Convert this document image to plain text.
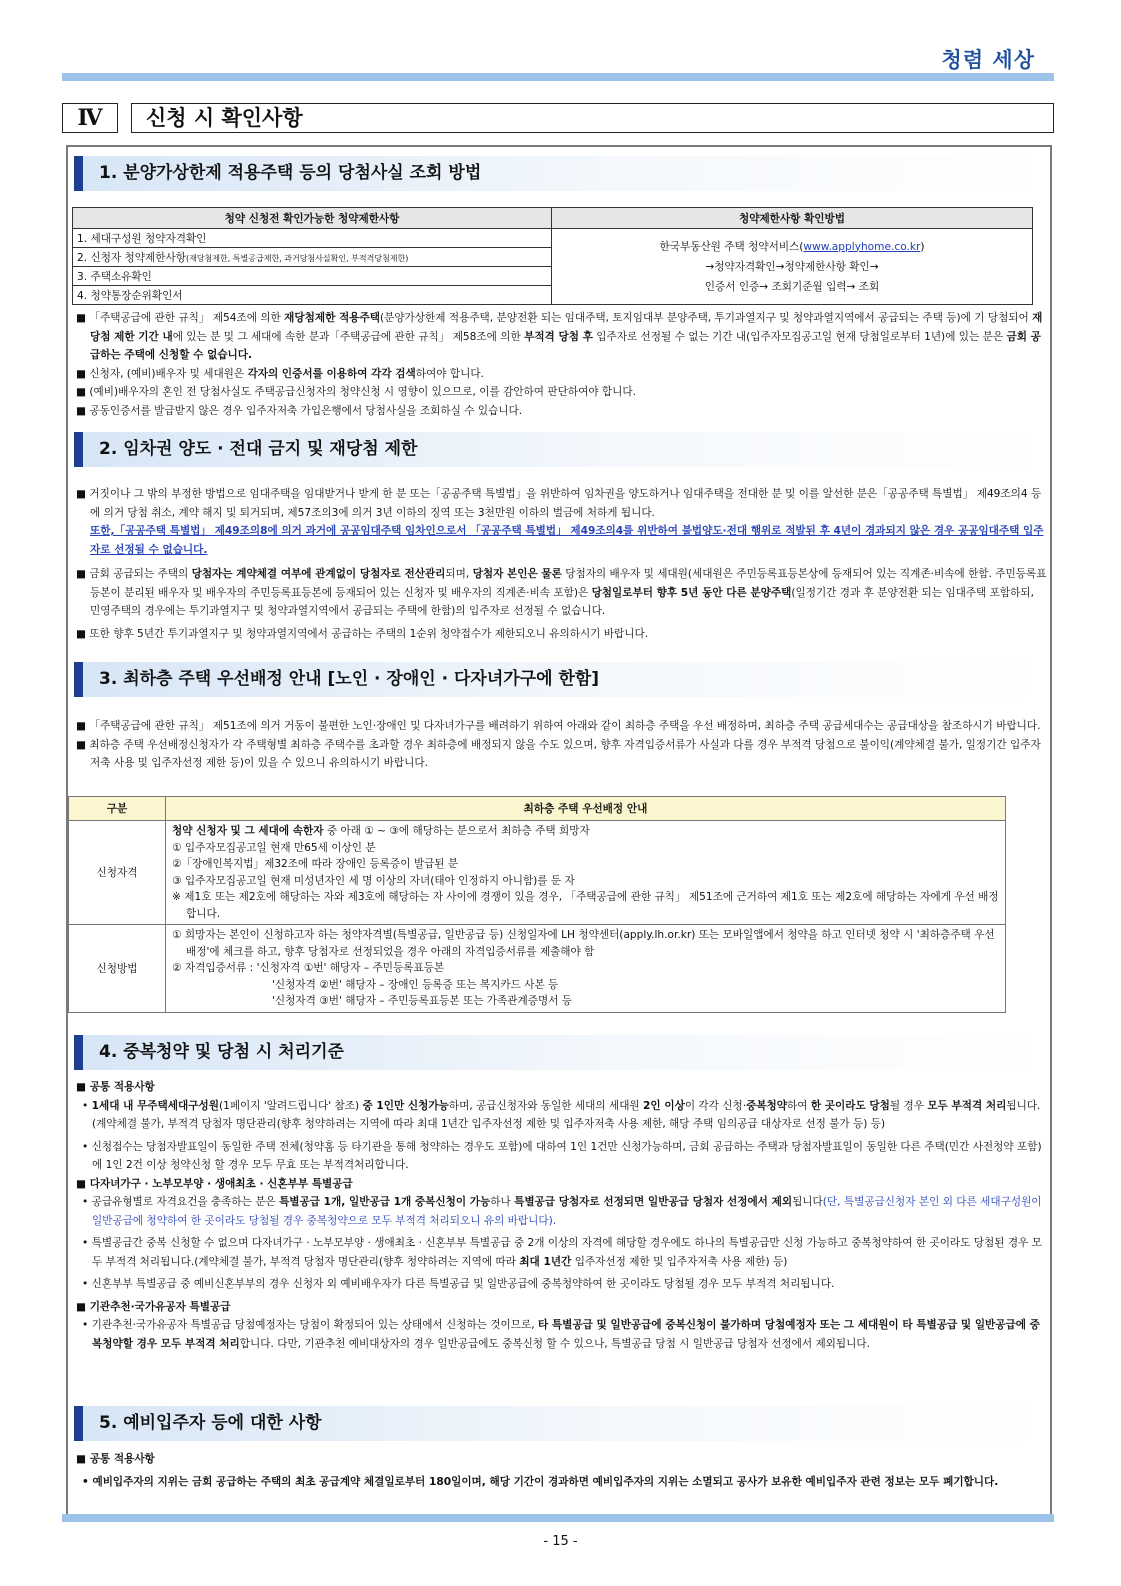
청렴 세상
Ⅳ	신청 시 확인사항
1. 분양가상한제 적용주택 등의 당첨사실 조회 방법
청약 신청전 확인가능한 청약제한사항	청약제한사항 확인방법
1. 세대구성원 청약자격확인	한국부동산원 주택 청약서비스(www.applyhome.co.kr)
→청약자격확인→청약제한사항 확인→
인증서 인증→ 조회기준월 입력→ 조회
2. 신청자 청약제한사항(재당첨제한, 특별공급제한, 과거당첨사실확인, 부적격당첨제한)	
3. 주택소유확인	
4. 청약통장순위확인서	

■ 「주택공급에 관한 규칙」 제54조에 의한 재당첨제한 적용주택(분양가상한제 적용주택, 분양전환 되는 임대주택, 토지임대부 분양주택, 투기과열지구 및 청약과열지역에서 공급되는 주택 등)에 기 당첨되어 재당첨 제한 기간 내에 있는 분 및 그 세대에 속한 분과「주택공급에 관한 규칙」 제58조에 의한 부적격 당첨 후 입주자로 선정될 수 없는 기간 내(입주자모집공고일 현재 당첨일로부터 1년)에 있는 분은 금회 공급하는 주택에 신청할 수 없습니다.

■ 신청자, (예비)배우자 및 세대원은 각자의 인증서를 이용하여 각각 검색하여야 합니다.

■ (예비)배우자의 혼인 전 당첨사실도 주택공급신청자의 청약신청 시 영향이 있으므로, 이를 감안하여 판단하여야 합니다.

■ 공동인증서를 발급받지 않은 경우 입주자저축 가입은행에서 당첨사실을 조회하실 수 있습니다.

2. 임차권 양도 · 전대 금지 및 재당첨 제한

■ 거짓이나 그 밖의 부정한 방법으로 임대주택을 임대받거나 받게 한 분 또는「공공주택 특별법」을 위반하여 임차권을 양도하거나 임대주택을 전대한 분 및 이를 알선한 분은「공공주택 특별법」 제49조의4 등에 의거 당첨 취소, 계약 해지 및 퇴거되며, 제57조의3에 의거 3년 이하의 징역 또는 3천만원 이하의 벌금에 처하게 됩니다.
또한,「공공주택 특별법」 제49조의8에 의거 과거에 공공임대주택 임차인으로서 「공공주택 특별법」 제49조의4를 위반하여 불법양도·전대 행위로 적발된 후 4년이 경과되지 않은 경우 공공임대주택 입주자로 선정될 수 없습니다.

■ 금회 공급되는 주택의 당첨자는 계약체결 여부에 관계없이 당첨자로 전산관리되며, 당첨자 본인은 물론 당첨자의 배우자 및 세대원(세대원은 주민등록표등본상에 등재되어 있는 직계존·비속에 한함. 주민등록표등본이 분리된 배우자 및 배우자의 주민등록표등본에 등재되어 있는 신청자 및 배우자의 직계존·비속 포함)은 당첨일로부터 향후 5년 동안 다른 분양주택(일정기간 경과 후 분양전환 되는 임대주택 포함하되, 민영주택의 경우에는 투기과열지구 및 청약과열지역에서 공급되는 주택에 한함)의 입주자로 선정될 수 없습니다.

■ 또한 향후 5년간 투기과열지구 및 청약과열지역에서 공급하는 주택의 1순위 청약접수가 제한되오니 유의하시기 바랍니다.

3. 최하층 주택 우선배정 안내 [노인 · 장애인 · 다자녀가구에 한함]

■ 「주택공급에 관한 규칙」 제51조에 의거 거동이 불편한 노인·장애인 및 다자녀가구를 배려하기 위하여 아래와 같이 최하층 주택을 우선 배정하며, 최하층 주택 공급세대수는 공급대상을 참조하시기 바랍니다.

■ 최하층 주택 우선배정신청자가 각 주택형별 최하층 주택수를 초과할 경우 최하층에 배정되지 않을 수도 있으며, 향후 자격입증서류가 사실과 다를 경우 부적격 당첨으로 불이익(계약체결 불가, 일정기간 입주자저축 사용 및 입주자선정 제한 등)이 있을 수 있으니 유의하시기 바랍니다.

구분	최하층 주택 우선배정 안내
신청자격	청약 신청자 및 그 세대에 속한자 중 아래 ① ~ ③에 해당하는 분으로서 최하층 주택 희망자
① 입주자모집공고일 현재 만65세 이상인 분
②「장애인복지법」제32조에 따라 장애인 등록증이 발급된 분
③ 입주자모집공고일 현재 미성년자인 세 명 이상의 자녀(태아 인정하지 아니함)를 둔 자

※ 제1호 또는 제2호에 해당하는 자와 제3호에 해당하는 자 사이에 경쟁이 있을 경우, 「주택공급에 관한 규칙」 제51조에 근거하여 제1호 또는 제2호에 해당하는 자에게 우선 배정합니다.

신청방법	① 희망자는 본인이 신청하고자 하는 청약자격별(특별공급, 일반공급 등) 신청일자에 LH 청약센터(apply.lh.or.kr) 또는 모바일앱에서 청약을 하고 인터넷 청약 시 '최하층주택 우선배정'에 체크를 하고, 향후 당첨자로 선정되었을 경우 아래의 자격입증서류를 제출해야 함
② 자격입증서류 : '신청자격 ①번' 해당자 – 주민등록표등본
'신청자격 ②번' 해당자 – 장애인 등록증 또는 복지카드 사본 등
'신청자격 ③번' 해당자 – 주민등록표등본 또는 가족관계증명서 등
4. 중복청약 및 당첨 시 처리기준

■ 공통 적용사항

• 1세대 내 무주택세대구성원(1페이지 '알려드립니다' 참조) 중 1인만 신청가능하며, 공급신청자와 동일한 세대의 세대원 2인 이상이 각각 신청·중복청약하여 한 곳이라도 당첨될 경우 모두 부적격 처리됩니다.(계약체결 불가, 부적격 당첨자 명단관리(향후 청약하려는 지역에 따라 최대 1년간 입주자선정 제한 및 입주자저축 사용 제한, 해당 주택 임의공급 대상자로 선정 불가 등) 등)

• 신청접수는 당첨자발표일이 동일한 주택 전체(청약홈 등 타기관을 통해 청약하는 경우도 포함)에 대하여 1인 1건만 신청가능하며, 금회 공급하는 주택과 당첨자발표일이 동일한 다른 주택(민간 사전청약 포함)에 1인 2건 이상 청약신청 할 경우 모두 무효 또는 부적격처리합니다.

■ 다자녀가구 · 노부모부양 · 생애최초 · 신혼부부 특별공급

• 공급유형별로 자격요건을 충족하는 분은 특별공급 1개, 일반공급 1개 중복신청이 가능하나 특별공급 당첨자로 선정되면 일반공급 당첨자 선정에서 제외됩니다(단, 특별공급신청자 본인 외 다른 세대구성원이 일반공급에 청약하여 한 곳이라도 당첨될 경우 중복청약으로 모두 부적격 처리되오니 유의 바랍니다).

• 특별공급간 중복 신청할 수 없으며 다자녀가구 · 노부모부양 · 생애최초 · 신혼부부 특별공급 중 2개 이상의 자격에 해당할 경우에도 하나의 특별공급만 신청 가능하고 중복청약하여 한 곳이라도 당첨된 경우 모두 부적격 처리됩니다.(계약체결 불가, 부적격 당첨자 명단관리(향후 청약하려는 지역에 따라 최대 1년간 입주자선정 제한 및 입주자저축 사용 제한) 등)

• 신혼부부 특별공급 중 예비신혼부부의 경우 신청자 외 예비배우자가 다른 특별공급 및 일반공급에 중복청약하여 한 곳이라도 당첨될 경우 모두 부적격 처리됩니다.

■ 기관추천·국가유공자 특별공급

• 기관추천·국가유공자 특별공급 당첨예정자는 당첨이 확정되어 있는 상태에서 신청하는 것이므로, 타 특별공급 및 일반공급에 중복신청이 불가하며 당첨예정자 또는 그 세대원이 타 특별공급 및 일반공급에 중복청약할 경우 모두 부적격 처리합니다. 다만, 기관추천 예비대상자의 경우 일반공급에도 중복신청 할 수 있으나, 특별공급 당첨 시 일반공급 당첨자 선정에서 제외됩니다.

5. 예비입주자 등에 대한 사항

■ 공통 적용사항

• 예비입주자의 지위는 금회 공급하는 주택의 최초 공급계약 체결일로부터 180일이며, 해당 기간이 경과하면 예비입주자의 지위는 소멸되고 공사가 보유한 예비입주자 관련 정보는 모두 폐기합니다.

- 15 -
